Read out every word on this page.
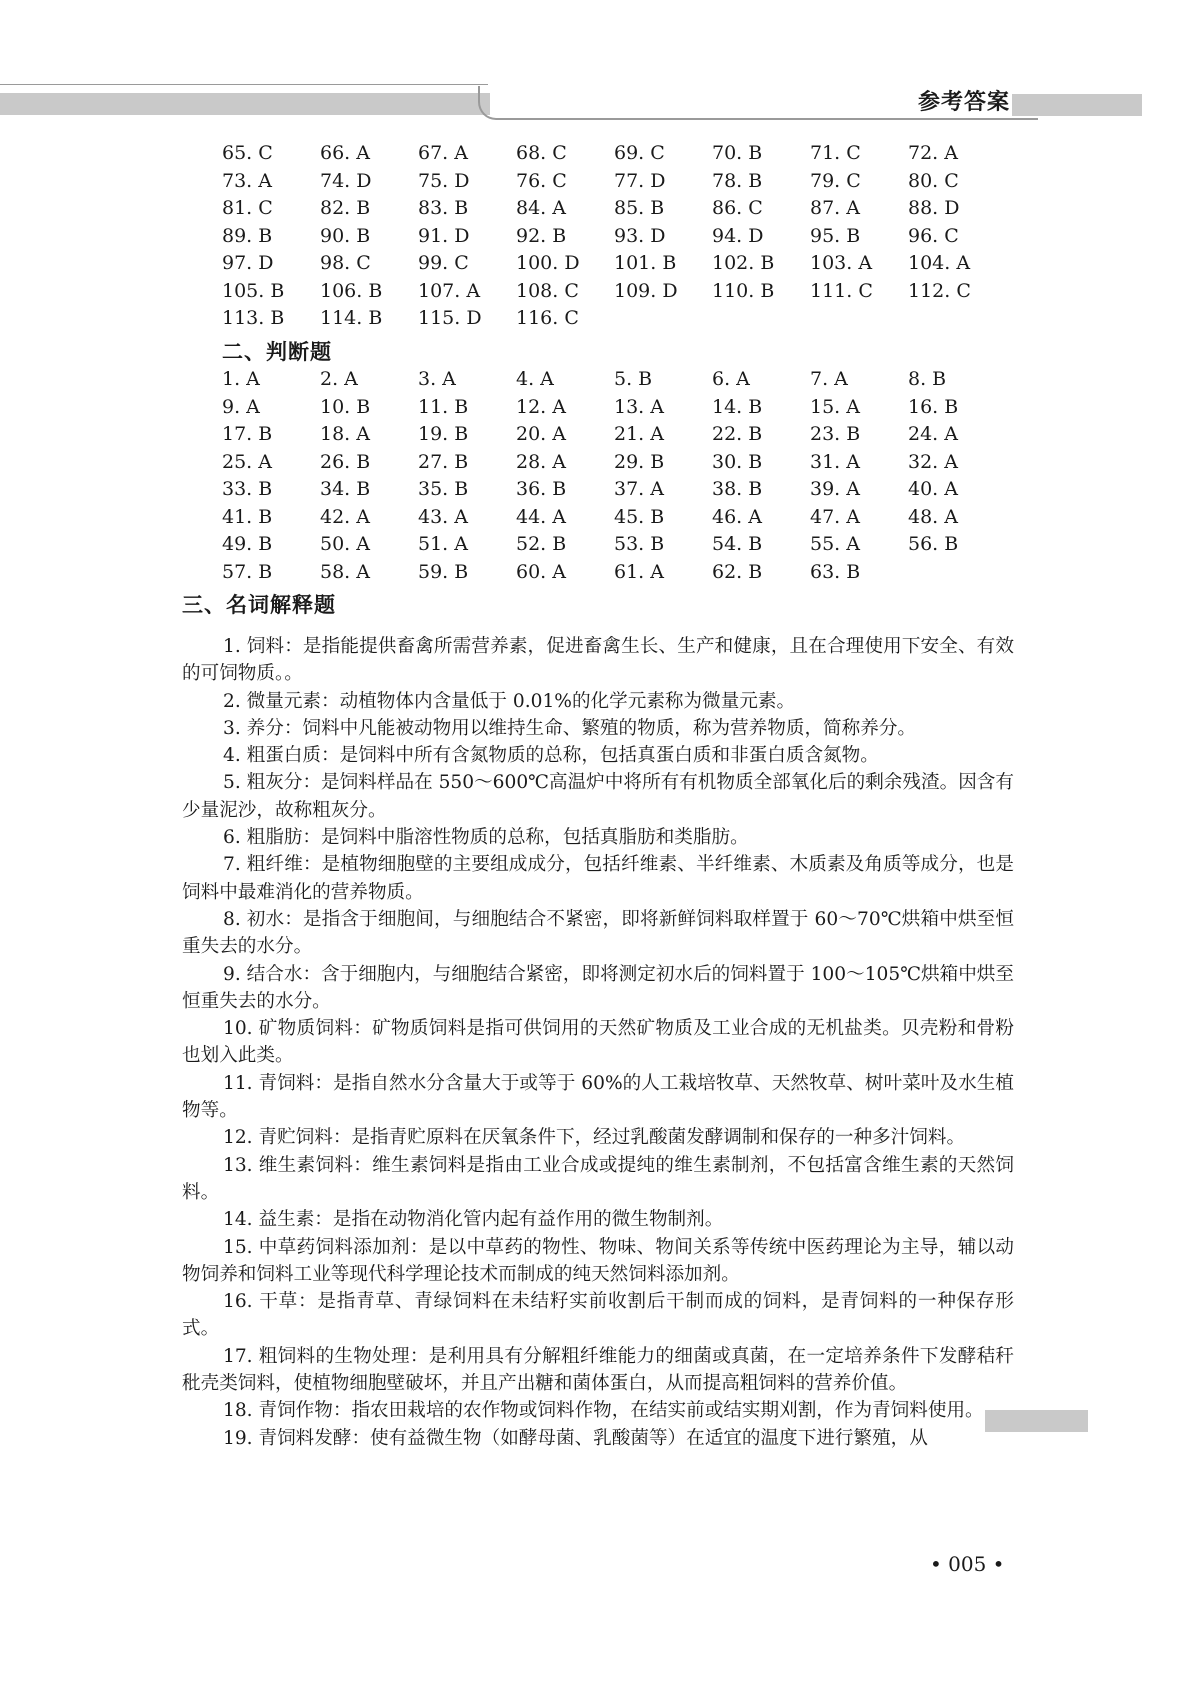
参考答案
65. C	66. A	67. A	68. C	69. C	70. B	71. C	72. A
73. A	74. D	75. D	76. C	77. D	78. B	79. C	80. C
81. C	82. B	83. B	84. A	85. B	86. C	87. A	88. D
89. B	90. B	91. D	92. B	93. D	94. D	95. B	96. C
97. D	98. C	99. C	100. D	101. B	102. B	103. A	104. A
105. B	106. B	107. A	108. C	109. D	110. B	111. C	112. C
113. B	114. B	115. D	116. C
二、判断题
1. A	2. A	3. A	4. A	5. B	6. A	7. A	8. B
9. A	10. B	11. B	12. A	13. A	14. B	15. A	16. B
17. B	18. A	19. B	20. A	21. A	22. B	23. B	24. A
25. A	26. B	27. B	28. A	29. B	30. B	31. A	32. A
33. B	34. B	35. B	36. B	37. A	38. B	39. A	40. A
41. B	42. A	43. A	44. A	45. B	46. A	47. A	48. A
49. B	50. A	51. A	52. B	53. B	54. B	55. A	56. B
57. B	58. A	59. B	60. A	61. A	62. B	63. B
三、名词解释题

1. 饲料：是指能提供畜禽所需营养素，促进畜禽生长、生产和健康，且在合理使用下安全、有效的可饲物质。。

2. 微量元素：动植物体内含量低于 0.01%的化学元素称为微量元素。

3. 养分：饲料中凡能被动物用以维持生命、繁殖的物质，称为营养物质，简称养分。

4. 粗蛋白质：是饲料中所有含氮物质的总称，包括真蛋白质和非蛋白质含氮物。

5. 粗灰分：是饲料样品在 550～600℃高温炉中将所有有机物质全部氧化后的剩余残渣。因含有少量泥沙，故称粗灰分。

6. 粗脂肪：是饲料中脂溶性物质的总称，包括真脂肪和类脂肪。

7. 粗纤维：是植物细胞壁的主要组成成分，包括纤维素、半纤维素、木质素及角质等成分，也是饲料中最难消化的营养物质。

8. 初水：是指含于细胞间，与细胞结合不紧密，即将新鲜饲料取样置于 60～70℃烘箱中烘至恒重失去的水分。

9. 结合水：含于细胞内，与细胞结合紧密，即将测定初水后的饲料置于 100～105℃烘箱中烘至恒重失去的水分。

10. 矿物质饲料：矿物质饲料是指可供饲用的天然矿物质及工业合成的无机盐类。贝壳粉和骨粉也划入此类。

11. 青饲料：是指自然水分含量大于或等于 60%的人工栽培牧草、天然牧草、树叶菜叶及水生植物等。

12. 青贮饲料：是指青贮原料在厌氧条件下，经过乳酸菌发酵调制和保存的一种多汁饲料。

13. 维生素饲料：维生素饲料是指由工业合成或提纯的维生素制剂，不包括富含维生素的天然饲料。

14. 益生素：是指在动物消化管内起有益作用的微生物制剂。

15. 中草药饲料添加剂：是以中草药的物性、物味、物间关系等传统中医药理论为主导，辅以动物饲养和饲料工业等现代科学理论技术而制成的纯天然饲料添加剂。

16. 干草：是指青草、青绿饲料在未结籽实前收割后干制而成的饲料，是青饲料的一种保存形式。

17. 粗饲料的生物处理：是利用具有分解粗纤维能力的细菌或真菌，在一定培养条件下发酵秸秆秕壳类饲料，使植物细胞壁破坏，并且产出糖和菌体蛋白，从而提高粗饲料的营养价值。

18. 青饲作物：指农田栽培的农作物或饲料作物，在结实前或结实期刈割，作为青饲料使用。

19. 青饲料发酵：使有益微生物（如酵母菌、乳酸菌等）在适宜的温度下进行繁殖，从

• 005 •
